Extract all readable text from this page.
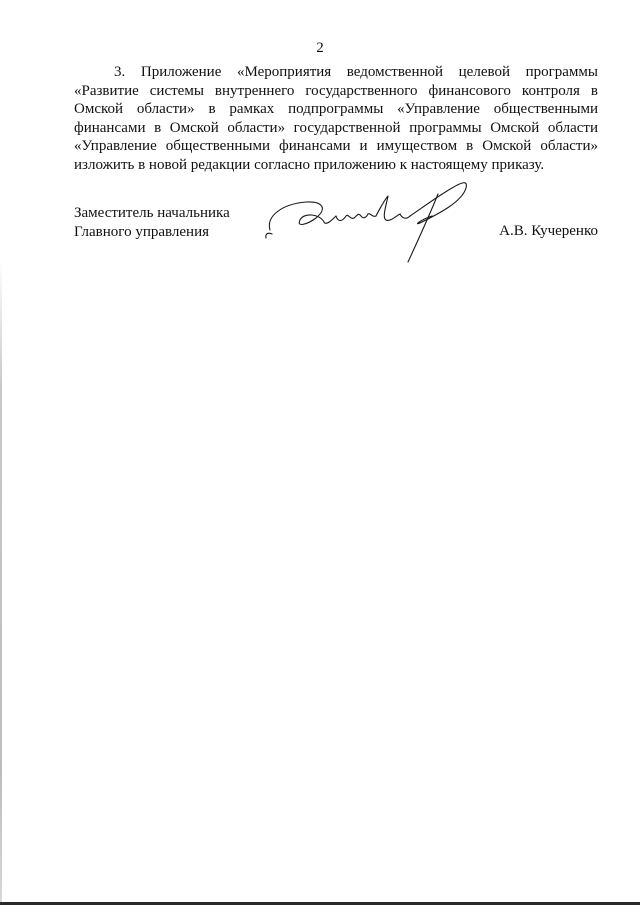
2
3. Приложение «Мероприятия ведомственной целевой программы
«Развитие системы внутреннего государственного финансового контроля в
Омской области» в рамках подпрограммы «Управление общественными
финансами в Омской области» государственной программы Омской области
«Управление общественными финансами и имуществом в Омской области»
изложить в новой редакции согласно приложению к настоящему приказу.
Заместитель начальника
Главного управления	А.В. Кучеренко
